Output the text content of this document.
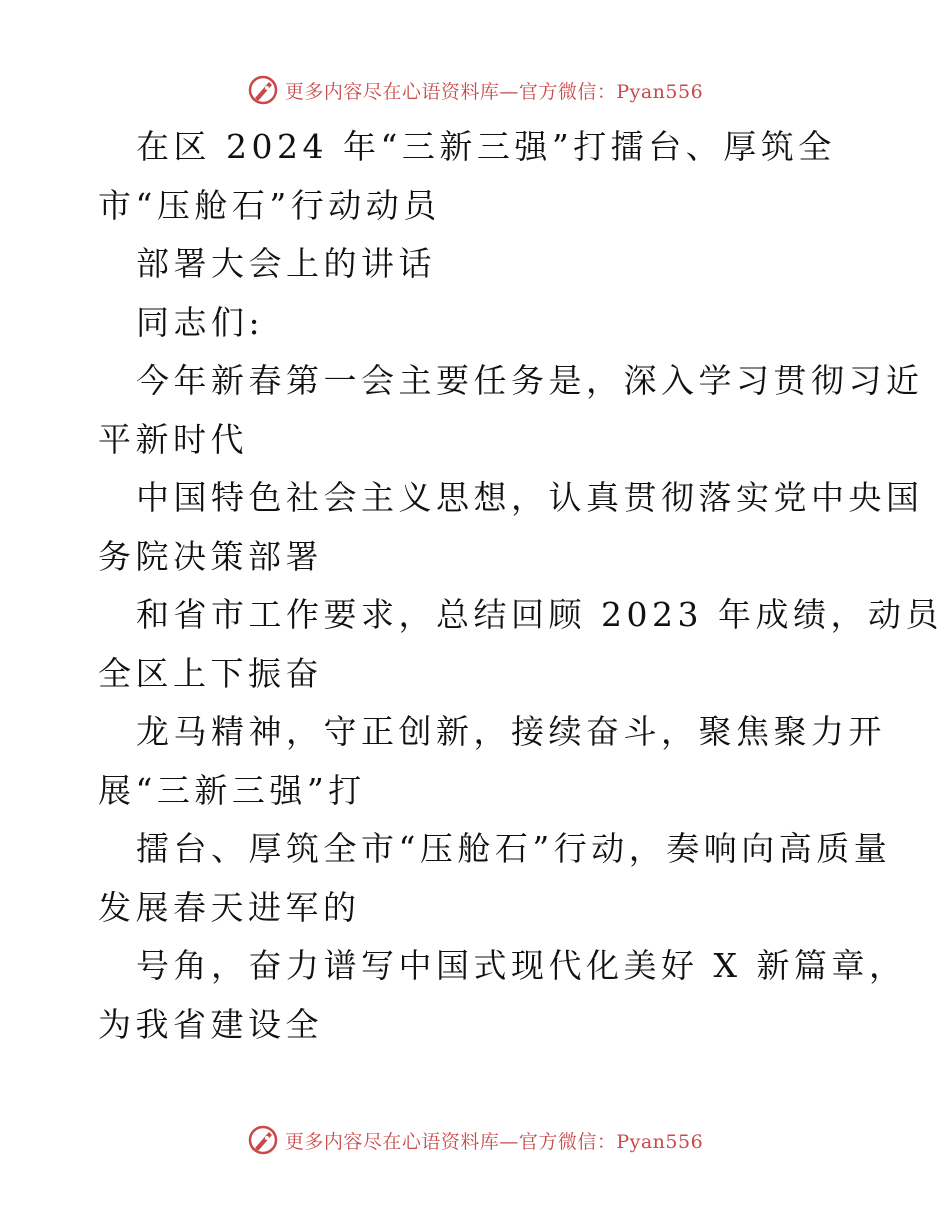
更多内容尽在心语资料库—官方微信：Pyan556
在区 2024 年“三新三强”打擂台、厚筑全
市“压舱石”行动动员
部署大会上的讲话
同志们:
今年新春第一会主要任务是，深入学习贯彻习近
平新时代
中国特色社会主义思想，认真贯彻落实党中央国
务院决策部署
和省市工作要求，总结回顾 2023 年成绩，动员
全区上下振奋
龙马精神，守正创新，接续奋斗，聚焦聚力开
展“三新三强”打
擂台、厚筑全市“压舱石”行动，奏响向高质量
发展春天进军的
号角，奋力谱写中国式现代化美好 X 新篇章，
为我省建设全
更多内容尽在心语资料库—官方微信：Pyan556
